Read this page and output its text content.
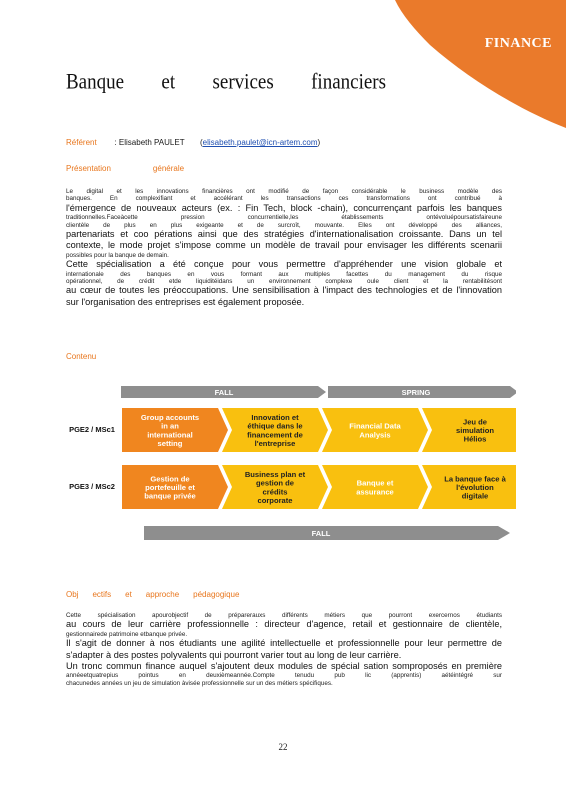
FINANCE
Banque et services financiers
Référent : Elisabeth PAULET (elisabeth.paulet@icn-artem.com)
Présentation	générale
Le digital et les innovations financières ont modifié de façon considérable le business modèle des
banques. En complexifiant et accélérant les transactions ces transformations ont contribué à
l'émergence de nouveaux acteurs (ex. : Fin Tech, block -chain), concurrençant parfois les banques
traditionnelles.Faceàcette pression concurrentielle,les établissements ontévoluépoursatisfaireune
clientèle de plus en plus exigeante et de surcroît, mouvante. Elles ont développé des alliances,
partenariats et coo pérations ainsi que des stratégies d'internationalisation croissante. Dans un tel
contexte, le mode projet s'impose comme un modèle de travail pour envisager les différents scenarii
possibles pour la banque de demain.
Cette spécialisation a été conçue pour vous permettre d'appréhender une vision globale et
internationale des banques en vous formant aux multiples facettes du management du risque
opérationnel, de crédit etde liquiditéidans un environnement complexe oule client et la rentabilitésont
au cœur de toutes les préoccupations. Une sensibilisation à l'impact des technologies et de l'innovation
sur l'organisation des entreprises est également proposée.
Contenu
FALL	SPRING
PGE2 / MSc1
PGE3 / MSc2
Group accounts
in an
international
setting
Innovation et
éthique dans le
financement de
l'entreprise
Financial Data
Analysis
Jeu de
simulation
Hélios
Gestion de
portefeuille et
banque privée
Business plan et
gestion de
crédits
corporate
Banque et
assurance
La banque face à
l'évolution
digitale
FALL
Obj ectifs et approche pédagogique
Cette spécialisation apourobjectif de préparerauxs différents métiers que pourront exercernos étudiants
au cours de leur carrière professionnelle : directeur d'agence, retail et gestionnaire de clientèle,
gestionnairede patrimoine etbanque privée.
Il s'agit de donner à nos étudiants une agilité intellectuelle et professionnelle pour leur permettre de
s'adapter à des postes polyvalents qui pourront varier tout au long de leur carrière.
Un tronc commun finance auquel s'ajoutent deux modules de spécial sation somproposés en première
annéeetquatrepius pointus en deuxièmeannée.Compte tenudu pub lic (apprentis) aétéintégré sur
chacunedes années un jeu de simulation àvisée professionnelle sur un des métiers spécifiques.
22
